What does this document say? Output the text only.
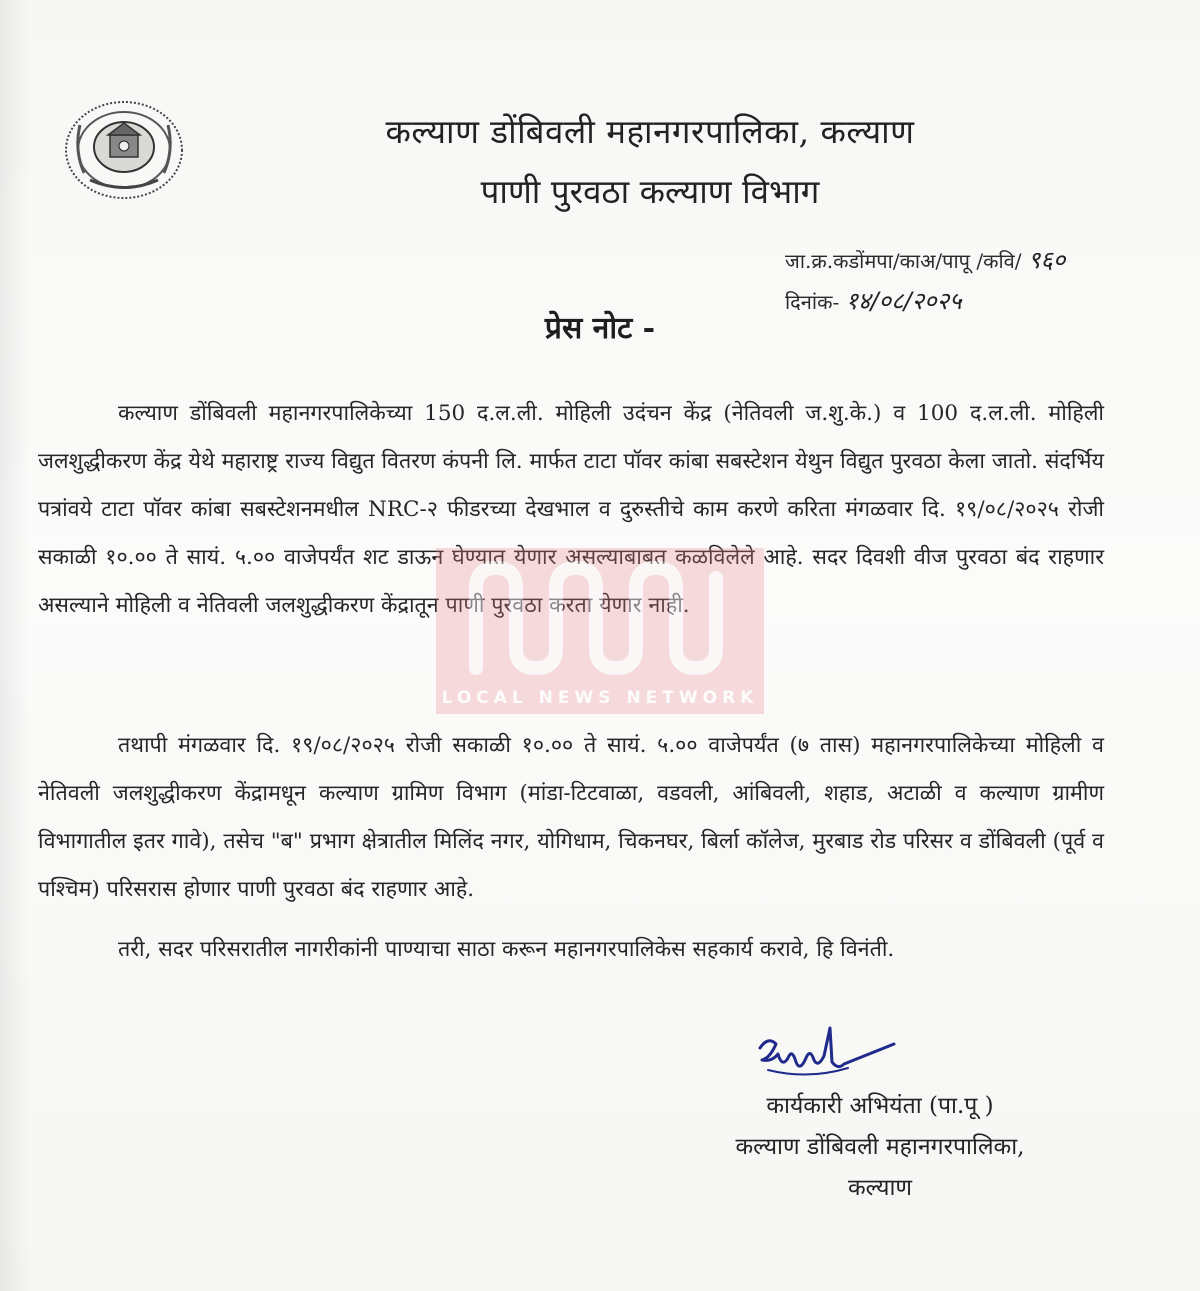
कल्याण डोंबिवली महानगरपालिका, कल्याण
पाणी पुरवठा कल्याण विभाग
जा.क्र.कडोंमपा/काअ/पापू /कवि/ ९६०
दिनांक- १४/०८/२०२५
प्रेस नोट -
कल्याण डोंबिवली महानगरपालिकेच्या 150 द.ल.ली. मोहिली उदंचन केंद्र (नेतिवली ज.शु.के.) व 100 द.ल.ली. मोहिली जलशुद्धीकरण केंद्र येथे महाराष्ट्र राज्य विद्युत वितरण कंपनी लि. मार्फत टाटा पॉवर कांबा सबस्टेशन येथुन विद्युत पुरवठा केला जातो. संदर्भिय पत्रांवये टाटा पॉवर कांबा सबस्टेशनमधील NRC-२ फीडरच्या देखभाल व दुरुस्तीचे काम करणे करिता मंगळवार दि. १९/०८/२०२५ रोजी सकाळी १०.०० ते सायं. ५.०० वाजेपर्यंत शट डाऊन घेण्यात येणार असल्याबाबत कळविलेले आहे. सदर दिवशी वीज पुरवठा बंद राहणार असल्याने मोहिली व नेतिवली जलशुद्धीकरण केंद्रातून पाणी पुरवठा करता येणार नाही.
तथापी मंगळवार दि. १९/०८/२०२५ रोजी सकाळी १०.०० ते सायं. ५.०० वाजेपर्यंत (७ तास) महानगरपालिकेच्या मोहिली व नेतिवली जलशुद्धीकरण केंद्रामधून कल्याण ग्रामिण विभाग (मांडा-टिटवाळा, वडवली, आंबिवली, शहाड, अटाळी व कल्याण ग्रामीण विभागातील इतर गावे), तसेच "ब" प्रभाग क्षेत्रातील मिलिंद नगर, योगिधाम, चिकनघर, बिर्ला कॉलेज, मुरबाड रोड परिसर व डोंबिवली (पूर्व व पश्चिम) परिसरास होणार पाणी पुरवठा बंद राहणार आहे.
तरी, सदर परिसरातील नागरीकांनी पाण्याचा साठा करून महानगरपालिकेस सहकार्य करावे, हि विनंती.
LOCAL NEWS NETWORK
कार्यकारी अभियंता (पा.पू )
कल्याण डोंबिवली महानगरपालिका,
कल्याण
